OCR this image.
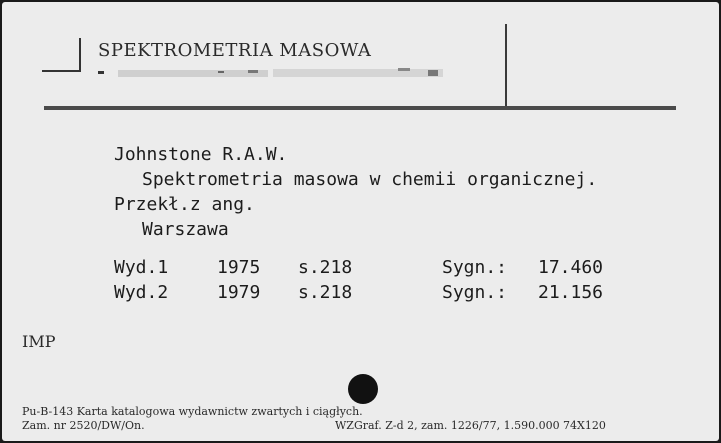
SPEKTROMETRIA MASOWA
Johnstone R.A.W.
Spektrometria masowa w chemii organicznej.
Przekł.z ang.
Warszawa
Wyd.1	1975 s.218	Sygn.: 17.460
Wyd.2	1979 s.218	Sygn.: 21.156
IMP
Pu-B-143 Karta katalogowa wydawnictw zwartych i ciągłych.
Zam. nr 2520/DW/On.	WZGraf. Z-d 2, zam. 1226/77, 1.590.000 74X120
